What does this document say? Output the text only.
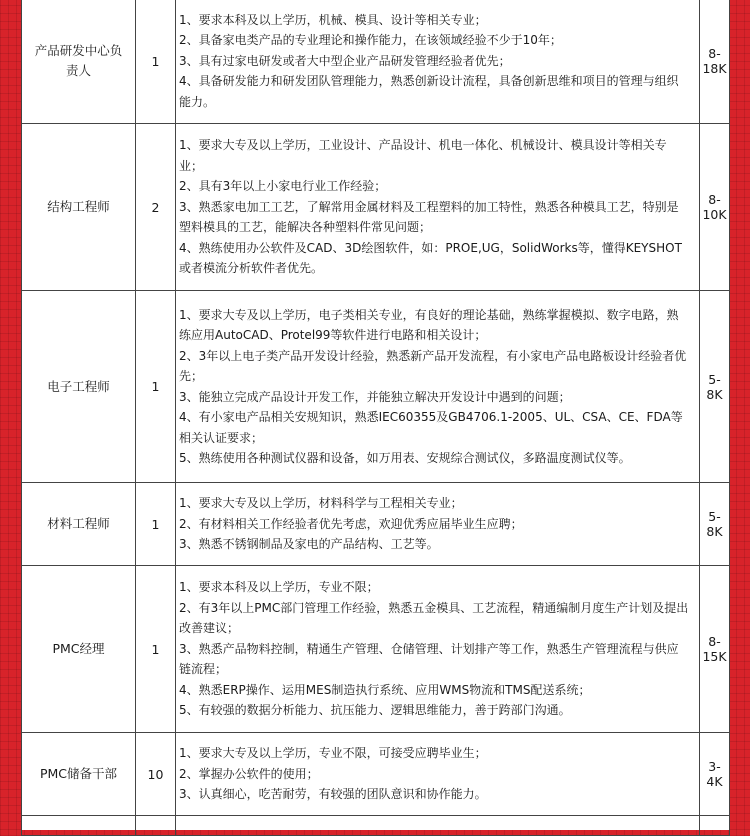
产品研发中心负责人	1	1、要求本科及以上学历，机械、模具、设计等相关专业；
2、具备家电类产品的专业理论和操作能力，在该领域经验不少于10年；
3、具有过家电研发或者大中型企业产品研发管理经验者优先；
4、具备研发能力和研发团队管理能力，熟悉创新设计流程，具备创新思维和项目的管理与组织能力。	8-18K
结构工程师	2	1、要求大专及以上学历，工业设计、产品设计、机电一体化、机械设计、模具设计等相关专业；
2、具有3年以上小家电行业工作经验；
3、熟悉家电加工工艺，了解常用金属材料及工程塑料的加工特性，熟悉各种模具工艺，特别是塑料模具的工艺，能解决各种塑料件常见问题；
4、熟练使用办公软件及CAD、3D绘图软件，如：PROE,UG，SolidWorks等，懂得KEYSHOT或者模流分析软件者优先。	8-10K
电子工程师	1	1、要求大专及以上学历，电子类相关专业，有良好的理论基础，熟练掌握模拟、数字电路，熟练应用AutoCAD、Protel99等软件进行电路和相关设计；
2、3年以上电子类产品开发设计经验，熟悉新产品开发流程，有小家电产品电路板设计经验者优先；
3、能独立完成产品设计开发工作，并能独立解决开发设计中遇到的问题；
4、有小家电产品相关安规知识，熟悉IEC60355及GB4706.1-2005、UL、CSA、CE、FDA等相关认证要求；
5、熟练使用各种测试仪器和设备，如万用表、安规综合测试仪，多路温度测试仪等。	5-8K
材料工程师	1	1、要求大专及以上学历，材料科学与工程相关专业；
2、有材料相关工作经验者优先考虑，欢迎优秀应届毕业生应聘；
3、熟悉不锈钢制品及家电的产品结构、工艺等。	5-8K
PMC经理	1	1、要求本科及以上学历，专业不限；
2、有3年以上PMC部门管理工作经验，熟悉五金模具、工艺流程，精通编制月度生产计划及提出改善建议；
3、熟悉产品物料控制，精通生产管理、仓储管理、计划排产等工作，熟悉生产管理流程与供应链流程；
4、熟悉ERP操作、运用MES制造执行系统、应用WMS物流和TMS配送系统；
5、有较强的数据分析能力、抗压能力、逻辑思维能力，善于跨部门沟通。	8-15K
PMC储备干部	10	1、要求大专及以上学历，专业不限，可接受应聘毕业生；
2、掌握办公软件的使用；
3、认真细心，吃苦耐劳，有较强的团队意识和协作能力。	3-4K
